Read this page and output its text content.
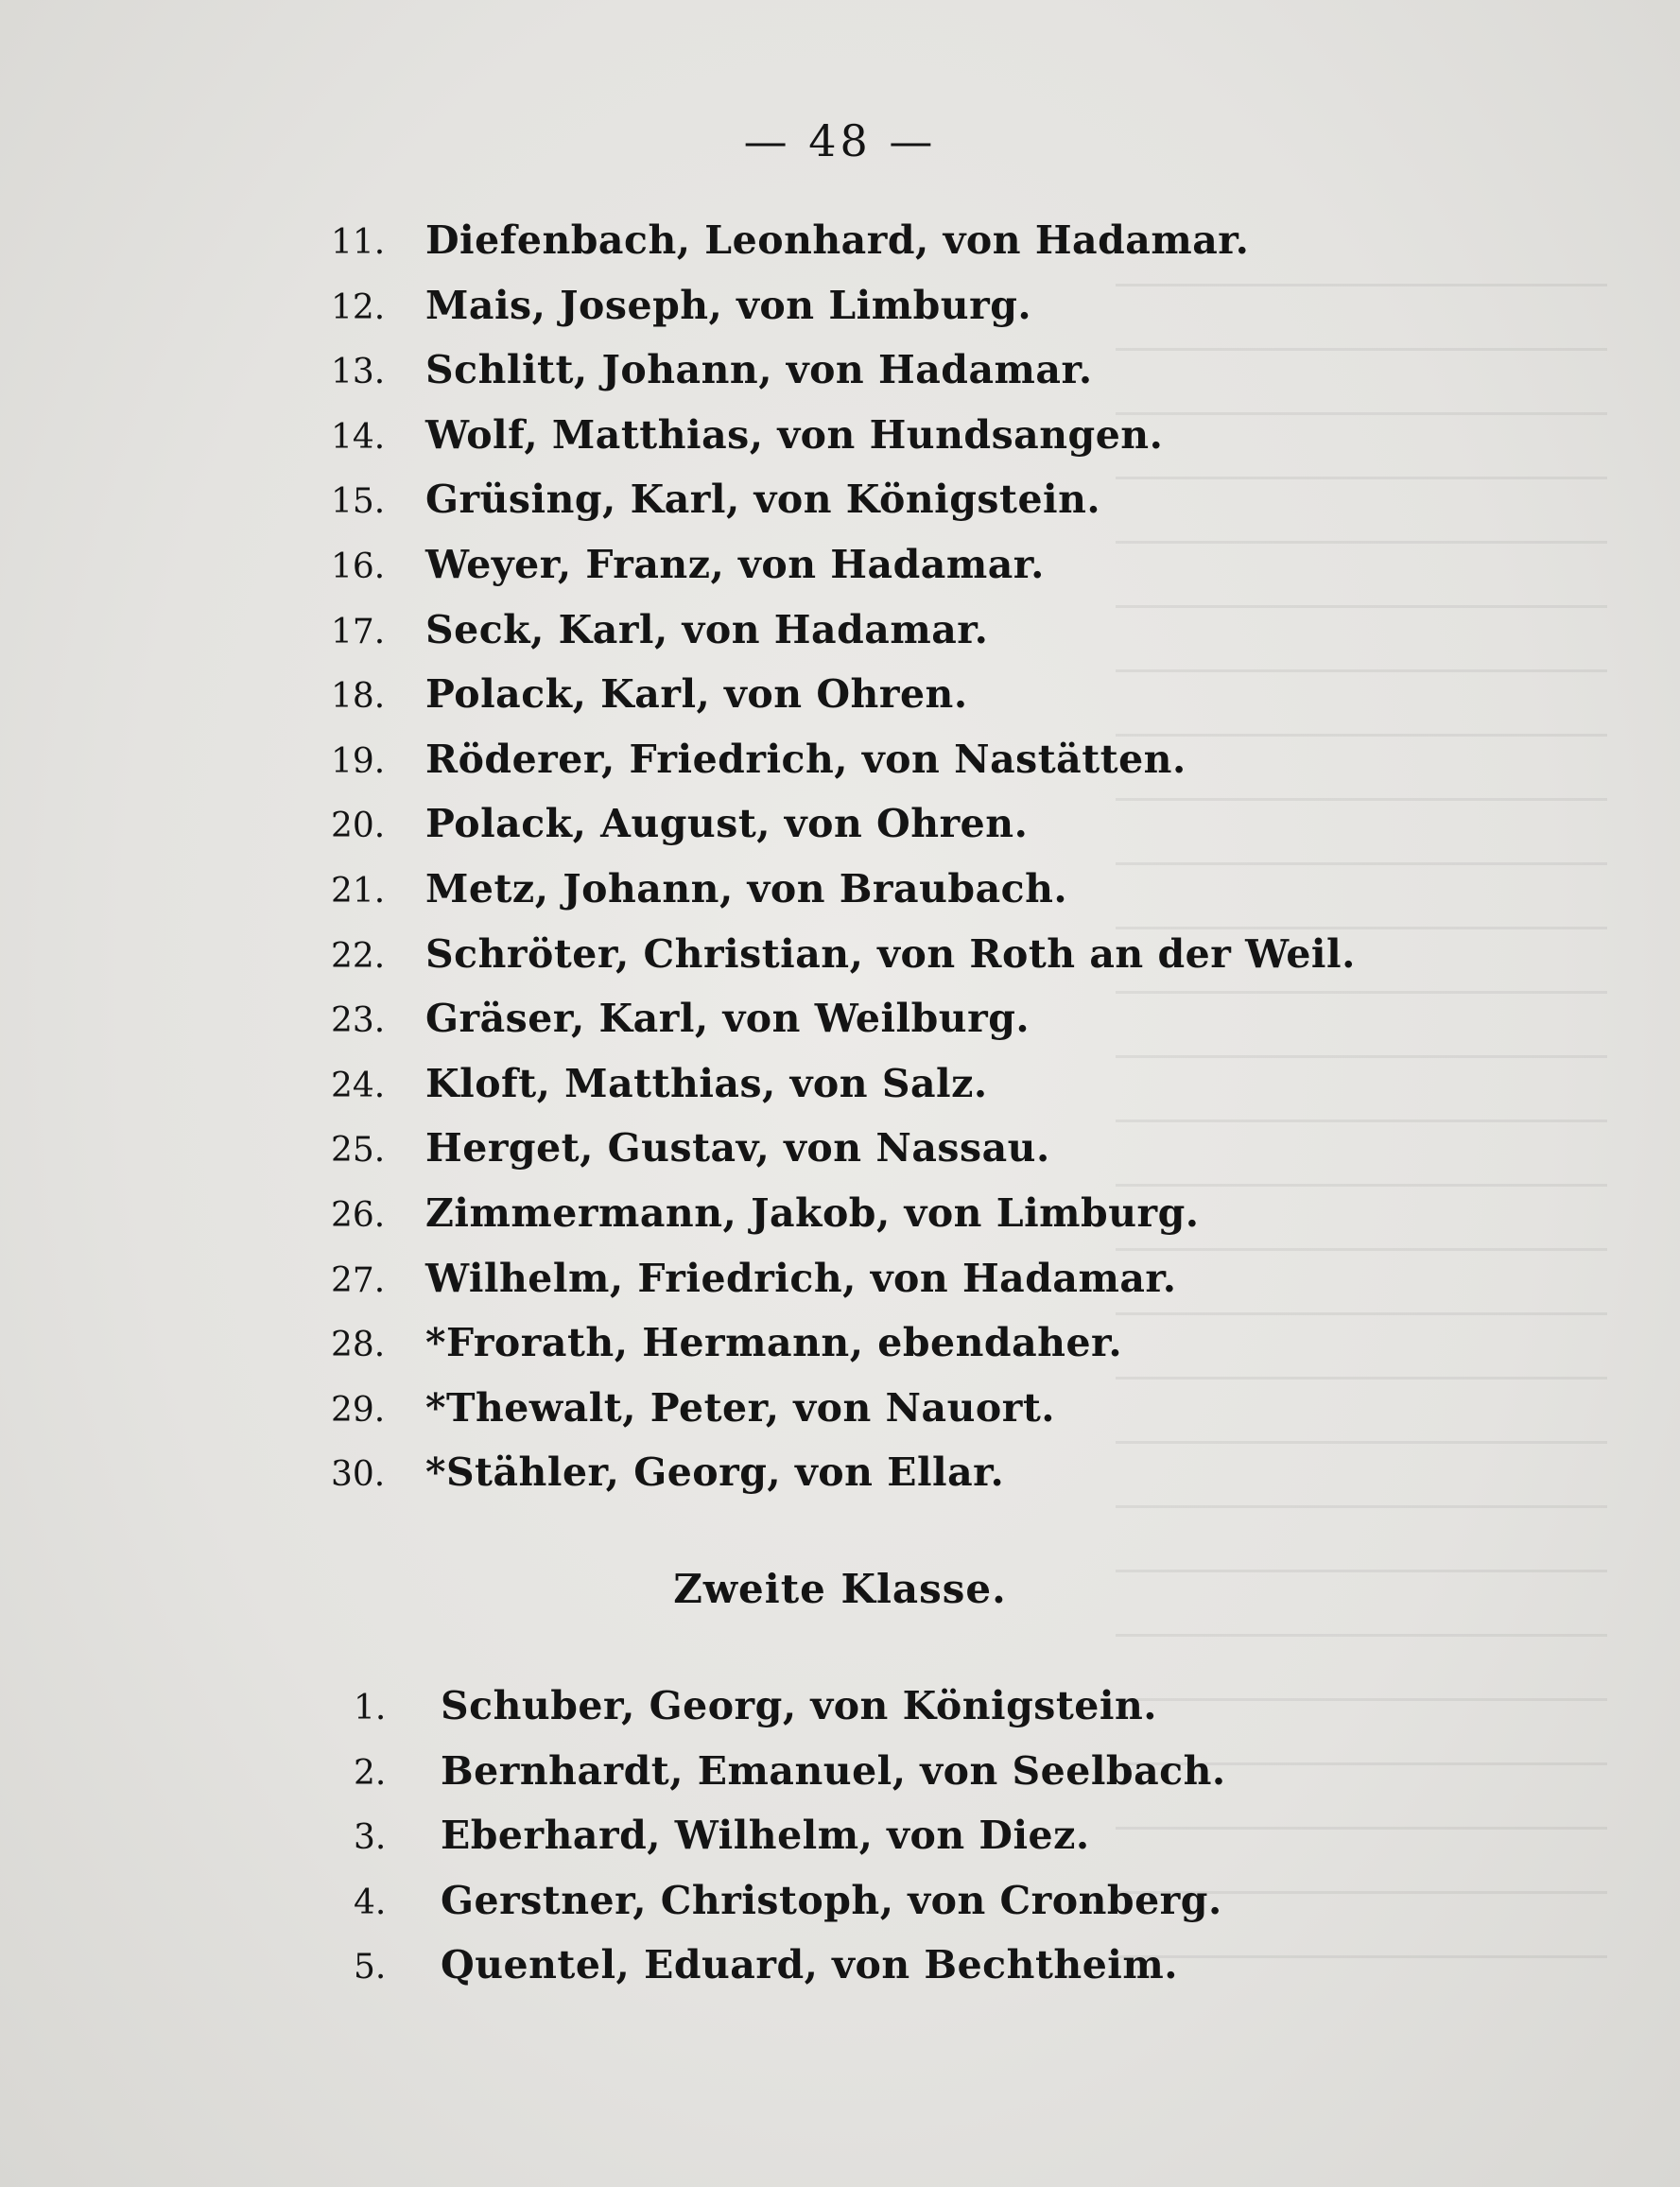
— 48 —
11.	Diefenbach, Leonhard, von Hadamar.
12.	Mais, Joseph, von Limburg.
13.	Schlitt, Johann, von Hadamar.
14.	Wolf, Matthias, von Hundsangen.
15.	Grüsing, Karl, von Königstein.
16.	Weyer, Franz, von Hadamar.
17.	Seck, Karl, von Hadamar.
18.	Polack, Karl, von Ohren.
19.	Röderer, Friedrich, von Nastätten.
20.	Polack, August, von Ohren.
21.	Metz, Johann, von Braubach.
22.	Schröter, Christian, von Roth an der Weil.
23.	Gräser, Karl, von Weilburg.
24.	Kloft, Matthias, von Salz.
25.	Herget, Gustav, von Nassau.
26.	Zimmermann, Jakob, von Limburg.
27.	Wilhelm, Friedrich, von Hadamar.
28.	*Frorath, Hermann, ebendaher.
29.	*Thewalt, Peter, von Nauort.
30.	*Stähler, Georg, von Ellar.
Zweite Klasse.
1.	Schuber, Georg, von Königstein.
2.	Bernhardt, Emanuel, von Seelbach.
3.	Eberhard, Wilhelm, von Diez.
4.	Gerstner, Christoph, von Cronberg.
5.	Quentel, Eduard, von Bechtheim.
